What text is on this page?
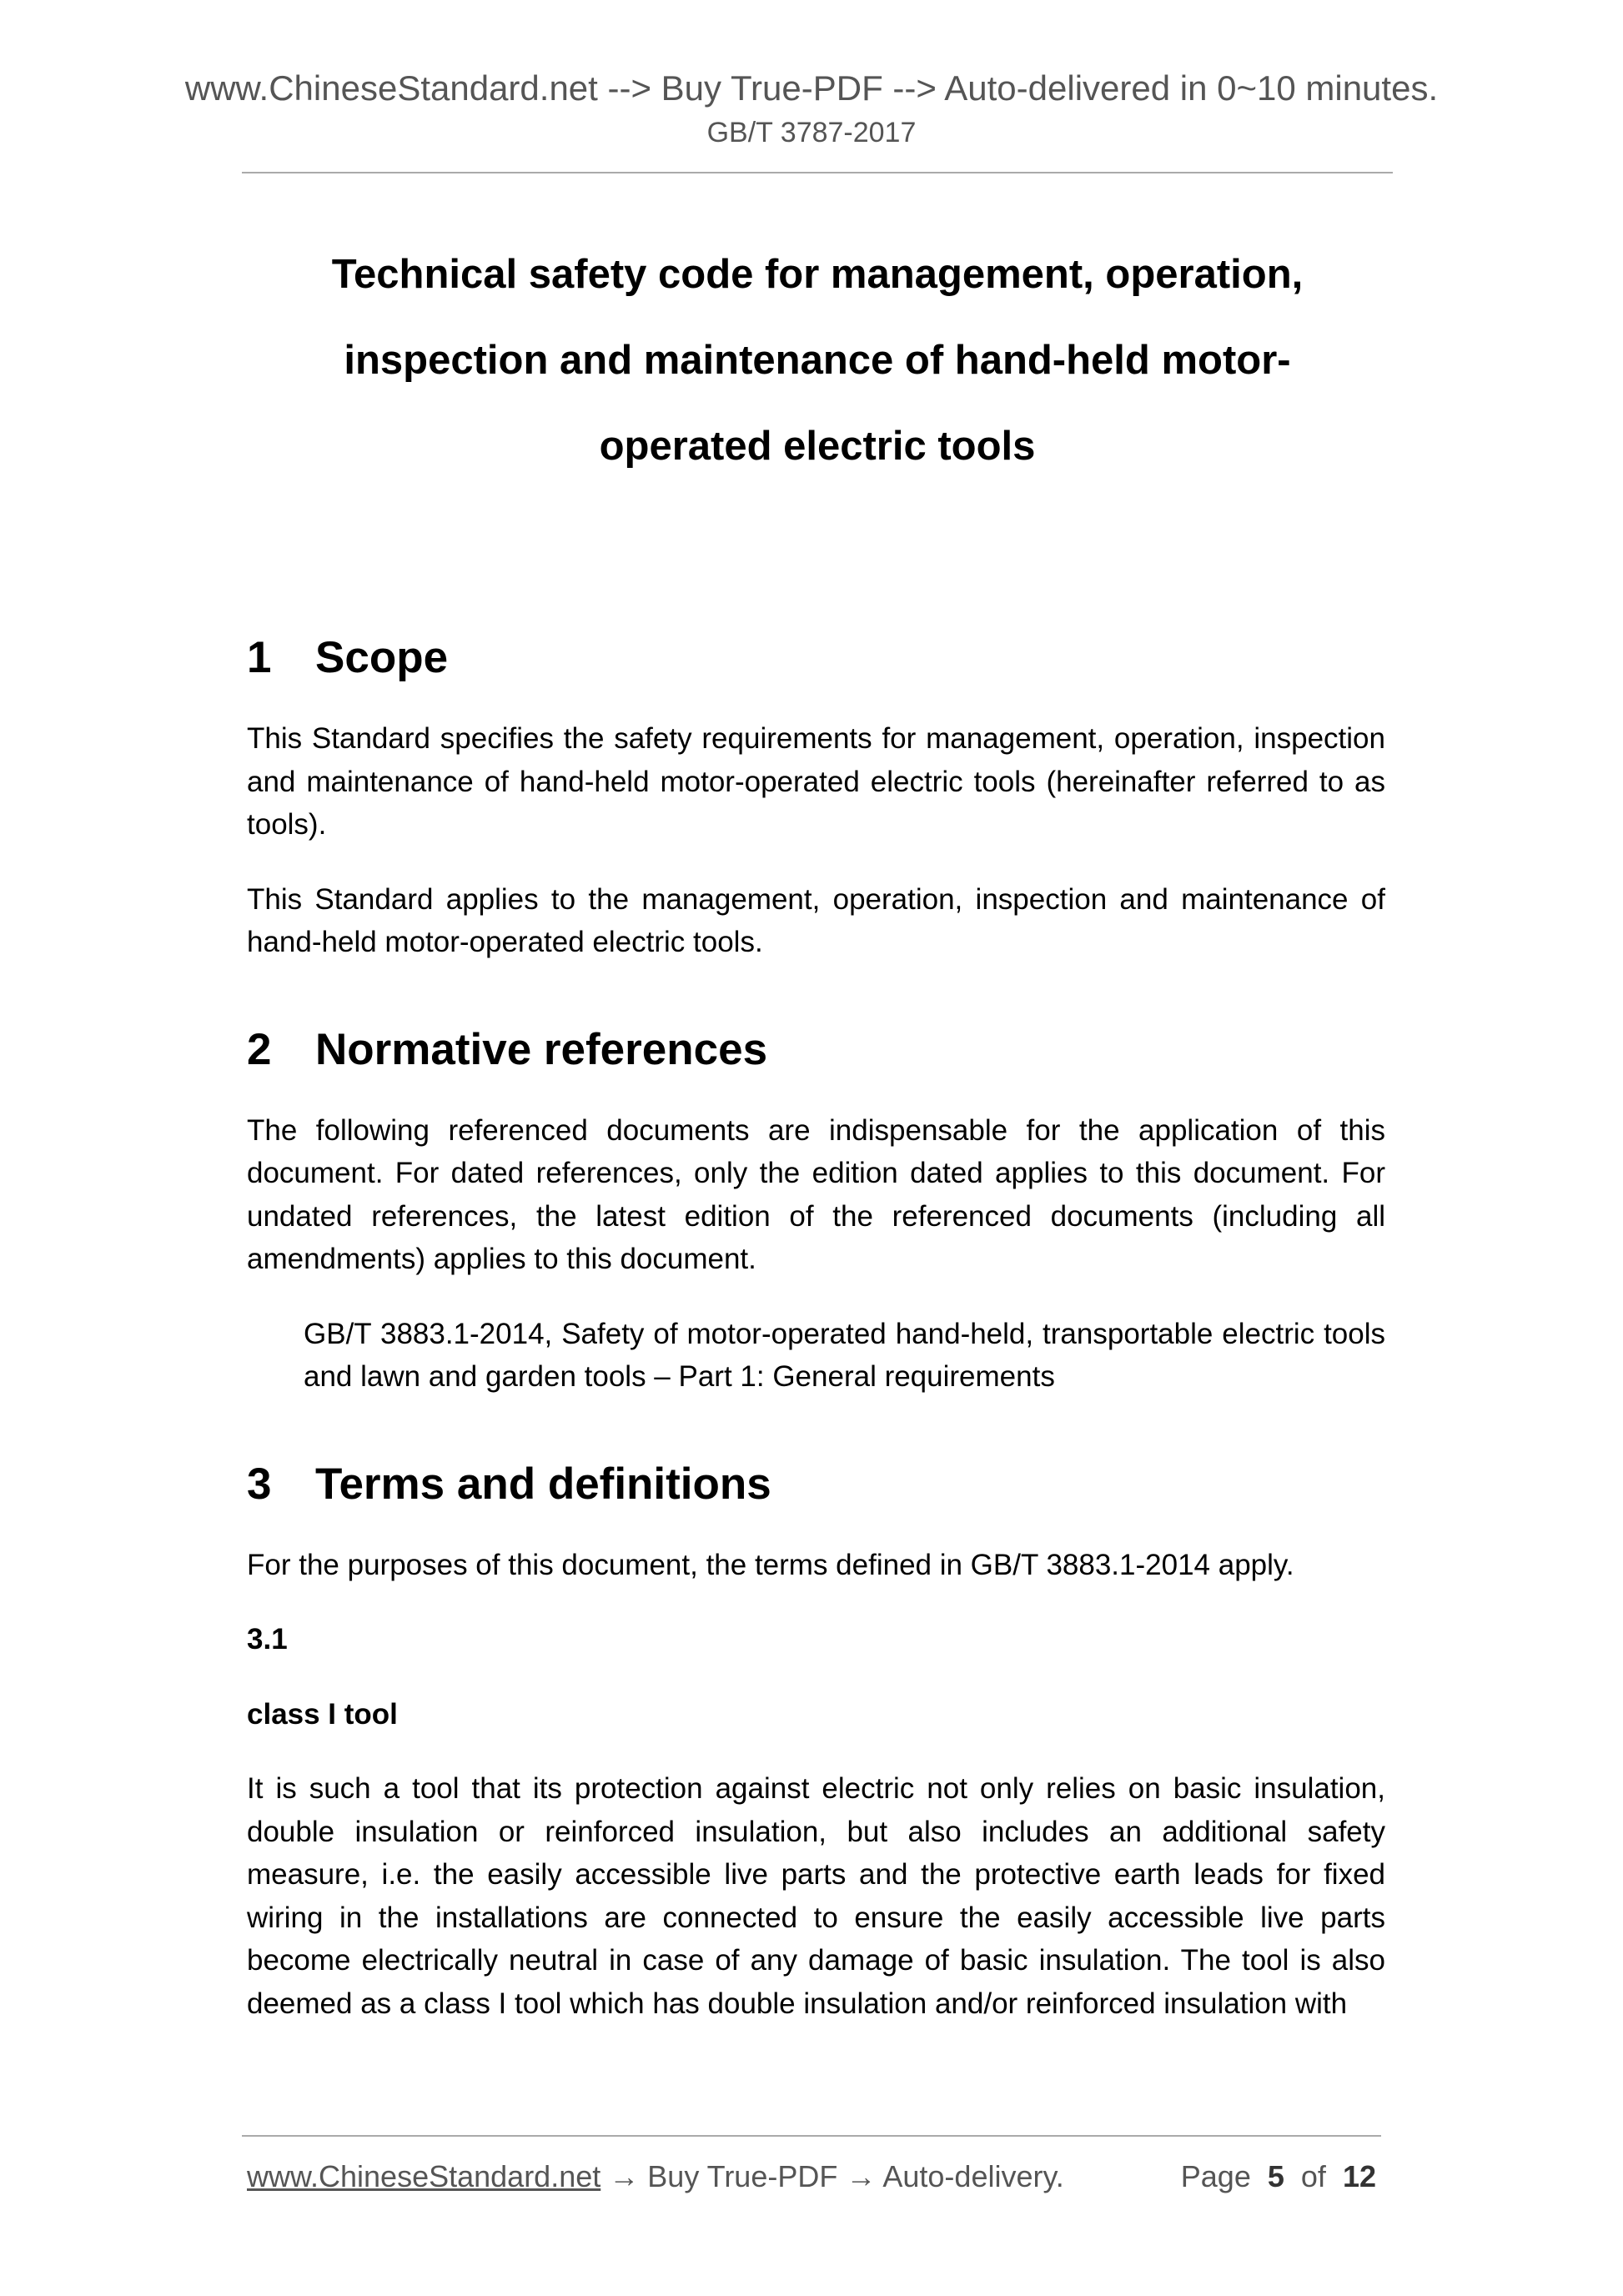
www.ChineseStandard.net --> Buy True-PDF --> Auto-delivered in 0~10 minutes.
GB/T 3787-2017
Technical safety code for management, operation,
inspection and maintenance of hand-held motor-
operated electric tools
1 Scope

This Standard specifies the safety requirements for management, operation, inspection and maintenance of hand-held motor-operated electric tools (hereinafter referred to as tools).

This Standard applies to the management, operation, inspection and maintenance of hand-held motor-operated electric tools.

2 Normative references

The following referenced documents are indispensable for the application of this document. For dated references, only the edition dated applies to this document. For undated references, the latest edition of the referenced documents (including all amendments) applies to this document.

GB/T 3883.1-2014, Safety of motor-operated hand-held, transportable electric tools and lawn and garden tools – Part 1: General requirements

3 Terms and definitions

For the purposes of this document, the terms defined in GB/T 3883.1-2014 apply.

3.1

class I tool

It is such a tool that its protection against electric not only relies on basic insulation, double insulation or reinforced insulation, but also includes an additional safety measure, i.e. the easily accessible live parts and the protective earth leads for fixed wiring in the installations are connected to ensure the easily accessible live parts become electrically neutral in case of any damage of basic insulation. The tool is also deemed as a class I tool which has double insulation and/or reinforced insulation with

www.ChineseStandard.net → Buy True-PDF → Auto-delivery.	Page 5 of 12
